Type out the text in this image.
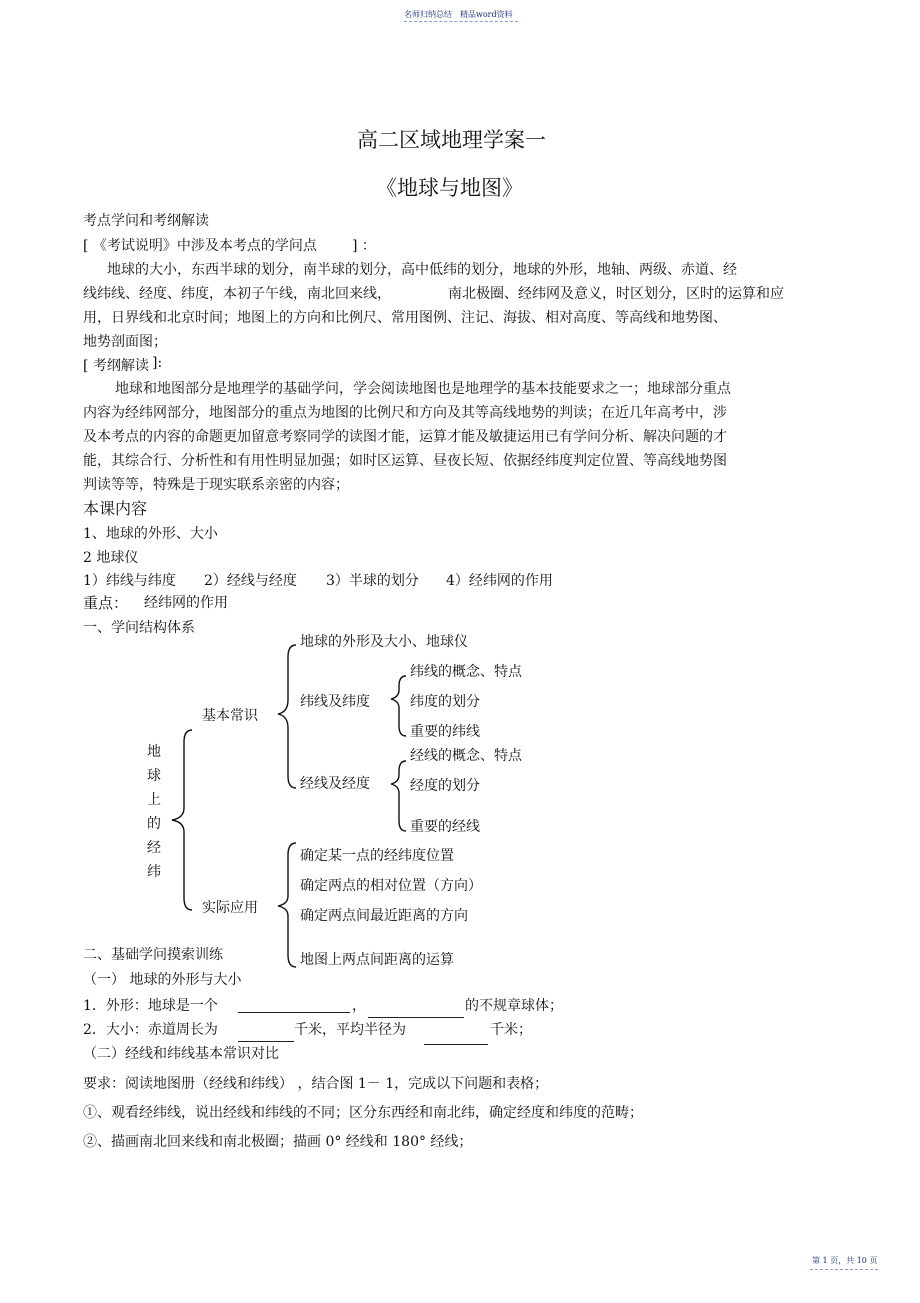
名师归纳总结 精品word资料
高二区域地理学案一
《地球与地图》
考点学问和考纲解读
[ 《考试说明》中涉及本考点的学问点	] ：
地球的大小，东西半球的划分，南半球的划分，高中低纬的划分，地球的外形，地轴、两级、赤道、经
线纬线、经度、纬度，本初子午线，南北回来线，	南北极圈、经纬网及意义，时区划分，区时的运算和应
用，日界线和北京时间；地图上的方向和比例尺、常用图例、注记、海拔、相对高度、等高线和地势图、
地势剖面图；
[ 考纲解读 ]:
地球和地图部分是地理学的基础学问，学会阅读地图也是地理学的基本技能要求之一；地球部分重点
内容为经纬网部分，地图部分的重点为地图的比例尺和方向及其等高线地势的判读；在近几年高考中，涉
及本考点的内容的命题更加留意考察同学的读图才能，运算才能及敏捷运用已有学问分析、解决问题的才
能，其综合行、分析性和有用性明显加强；如时区运算、昼夜长短、依据经纬度判定位置、等高线地势图
判读等等，特殊是于现实联系亲密的内容；
本课内容
1、地球的外形、大小
2 地球仪
1）纬线与纬度 2）经线与经度 3）半球的划分 4）经纬网的作用
重点： 经纬网的作用
一、学问结构体系
地
球
上
的
经
纬
基本常识
实际应用
地球的外形及大小、地球仪
纬线及纬度
经线及经度
纬线的概念、特点
纬度的划分
重要的纬线
经线的概念、特点
经度的划分
重要的经线
确定某一点的经纬度位置
确定两点的相对位置（方向）
确定两点间最近距离的方向
地图上两点间距离的运算
二、基础学问摸索训练
（一） 地球的外形与大小
1．外形：地球是一个	，	的不规章球体；
2．大小：赤道周长为	千米，平均半径为	千米；
（二）经线和纬线基本常识对比
要求：阅读地图册（经线和纬线） ，结合图 1－ 1，完成以下问题和表格；
①、观看经纬线，说出经线和纬线的不同；区分东西经和南北纬，确定经度和纬度的范畴；
②、描画南北回来线和南北极圈；描画 0° 经线和 180° 经线；
第 1 页，共 10 页
